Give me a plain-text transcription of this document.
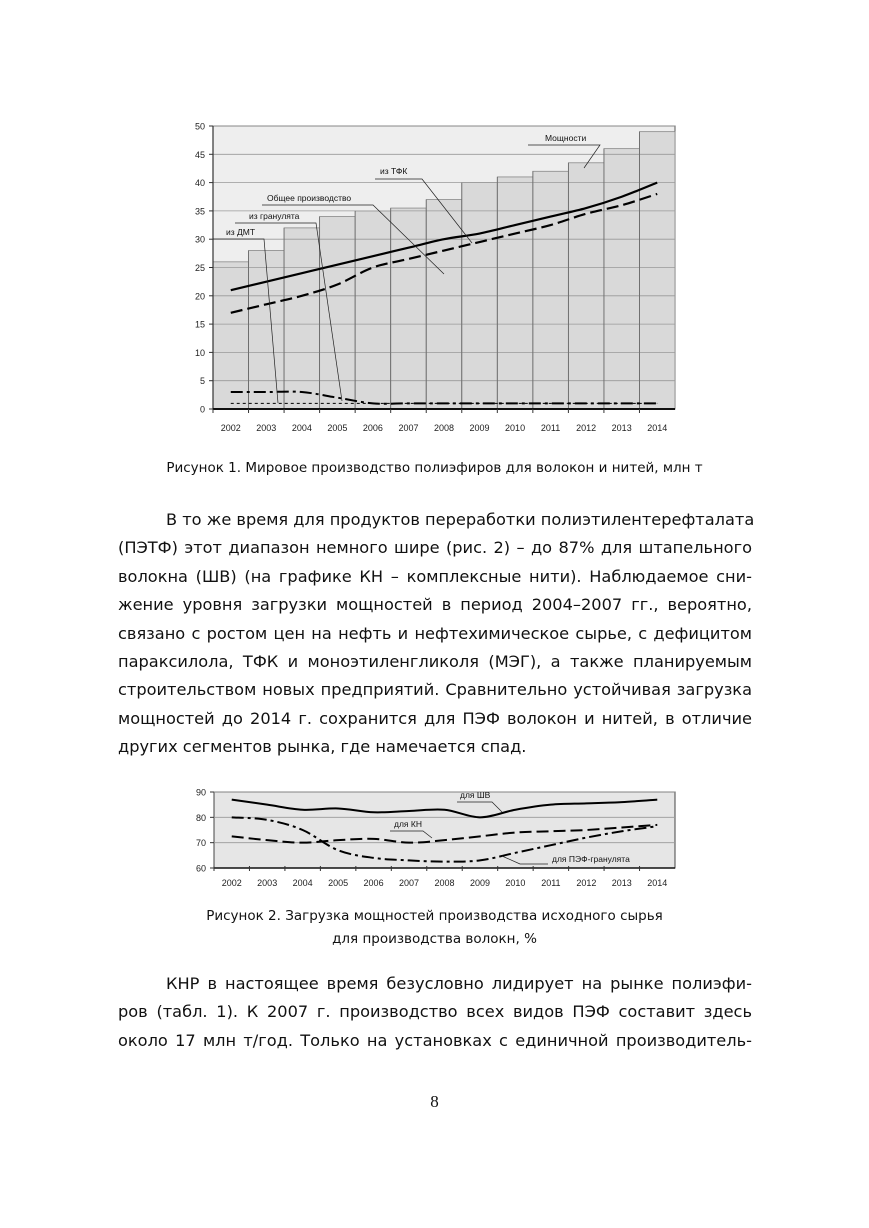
0
5
10
15
20
25
30
35
40
45
50
2002 2003 2004 2005 2006 2007 2008 2009 2010 2011 2012 2013 2014
Мощности
из ТФК
Общее производство
из гранулята
из ДМТ
Рисунок 1. Мировое производство полиэфиров для волокон и нитей, млн т
В то же время для продуктов переработки полиэтилентерефталата
(ПЭТФ) этот диапазон немного шире (рис. 2) – до 87% для штапельного
волокна (ШВ) (на графике КН – комплексные нити). Наблюдаемое сни-
жение уровня загрузки мощностей в период 2004–2007 гг., вероятно,
связано с ростом цен на нефть и нефтехимическое сырье, с дефицитом
параксилола, ТФК и моноэтиленгликоля (МЭГ), а также планируемым
строительством новых предприятий. Сравнительно устойчивая загрузка
мощностей до 2014 г. сохранится для ПЭФ волокон и нитей, в отличие
других сегментов рынка, где намечается спад.
60
70
80
90
2002 2003 2004 2005 2006 2007 2008 2009 2010 2011 2012 2013 2014
для ШВ
для КН
для ПЭФ-гранулята
Рисунок 2. Загрузка мощностей производства исходного сырья
для производства волокн, %
КНР в настоящее время безусловно лидирует на рынке полиэфи-
ров (табл. 1). К 2007 г. производство всех видов ПЭФ составит здесь
около 17 млн т/год. Только на установках с единичной производитель-
8
